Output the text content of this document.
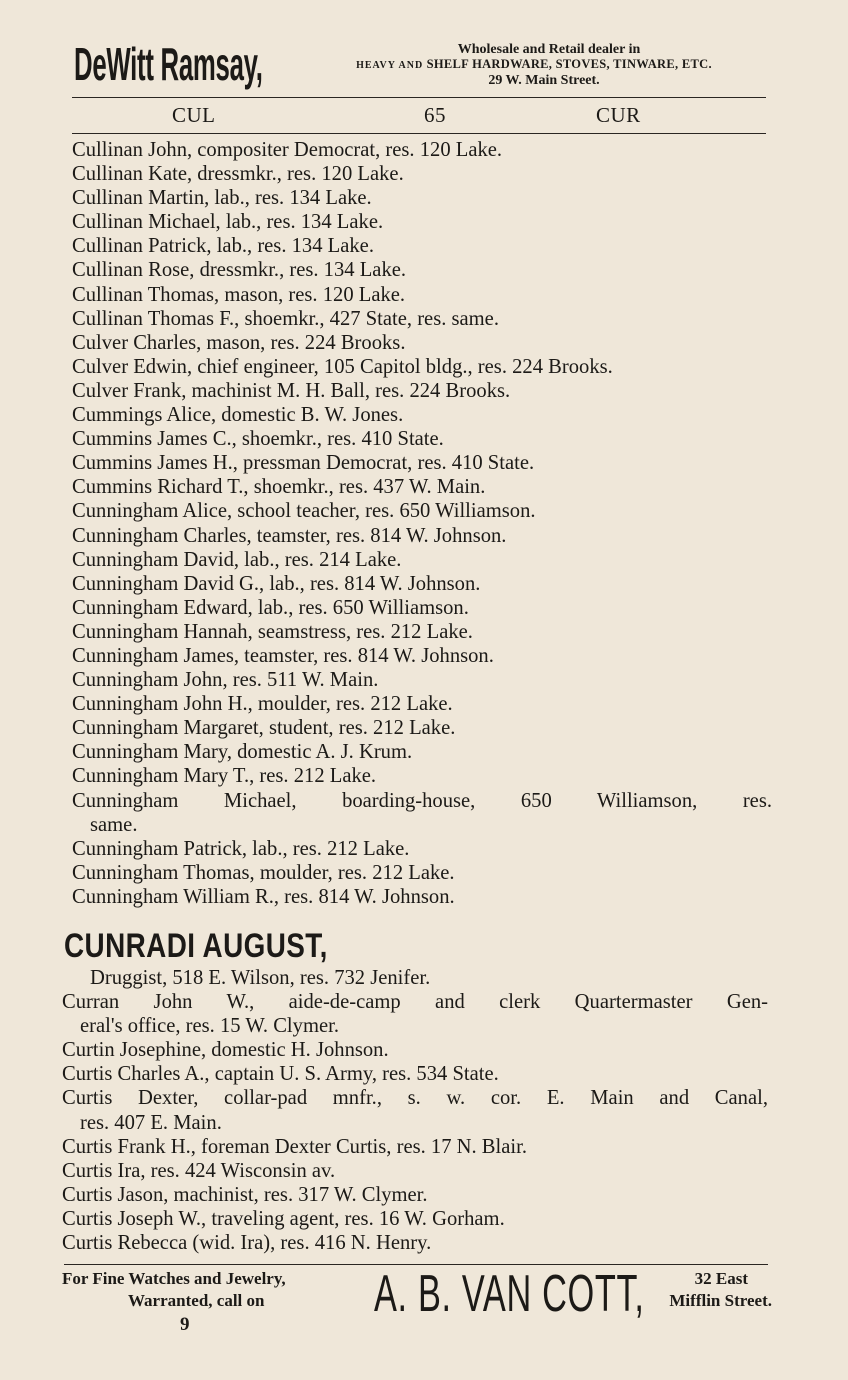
DeWitt Ramsay,	Wholesale and Retail dealer in
HEAVY AND SHELF HARDWARE, STOVES, TINWARE, ETC.
29 W. Main Street.
CUL	65	CUR
Cullinan John, compositer Democrat, res. 120 Lake.
Cullinan Kate, dressmkr., res. 120 Lake.
Cullinan Martin, lab., res. 134 Lake.
Cullinan Michael, lab., res. 134 Lake.
Cullinan Patrick, lab., res. 134 Lake.
Cullinan Rose, dressmkr., res. 134 Lake.
Cullinan Thomas, mason, res. 120 Lake.
Cullinan Thomas F., shoemkr., 427 State, res. same.
Culver Charles, mason, res. 224 Brooks.
Culver Edwin, chief engineer, 105 Capitol bldg., res. 224 Brooks.
Culver Frank, machinist M. H. Ball, res. 224 Brooks.
Cummings Alice, domestic B. W. Jones.
Cummins James C., shoemkr., res. 410 State.
Cummins James H., pressman Democrat, res. 410 State.
Cummins Richard T., shoemkr., res. 437 W. Main.
Cunningham Alice, school teacher, res. 650 Williamson.
Cunningham Charles, teamster, res. 814 W. Johnson.
Cunningham David, lab., res. 214 Lake.
Cunningham David G., lab., res. 814 W. Johnson.
Cunningham Edward, lab., res. 650 Williamson.
Cunningham Hannah, seamstress, res. 212 Lake.
Cunningham James, teamster, res. 814 W. Johnson.
Cunningham John, res. 511 W. Main.
Cunningham John H., moulder, res. 212 Lake.
Cunningham Margaret, student, res. 212 Lake.
Cunningham Mary, domestic A. J. Krum.
Cunningham Mary T., res. 212 Lake.
Cunningham Michael, boarding-house, 650 Williamson, res.
same.
Cunningham Patrick, lab., res. 212 Lake.
Cunningham Thomas, moulder, res. 212 Lake.
Cunningham William R., res. 814 W. Johnson.
CUNRADI AUGUST,
Druggist, 518 E. Wilson, res. 732 Jenifer.
Curran John W., aide-de-camp and clerk Quartermaster Gen-
eral's office, res. 15 W. Clymer.
Curtin Josephine, domestic H. Johnson.
Curtis Charles A., captain U. S. Army, res. 534 State.
Curtis Dexter, collar-pad mnfr., s. w. cor. E. Main and Canal,
res. 407 E. Main.
Curtis Frank H., foreman Dexter Curtis, res. 17 N. Blair.
Curtis Ira, res. 424 Wisconsin av.
Curtis Jason, machinist, res. 317 W. Clymer.
Curtis Joseph W., traveling agent, res. 16 W. Gorham.
Curtis Rebecca (wid. Ira), res. 416 N. Henry.
For Fine Watches and Jewelry,
Warranted, call on	A. B. VAN COTT,	32 East
Mifflin Street.
9
